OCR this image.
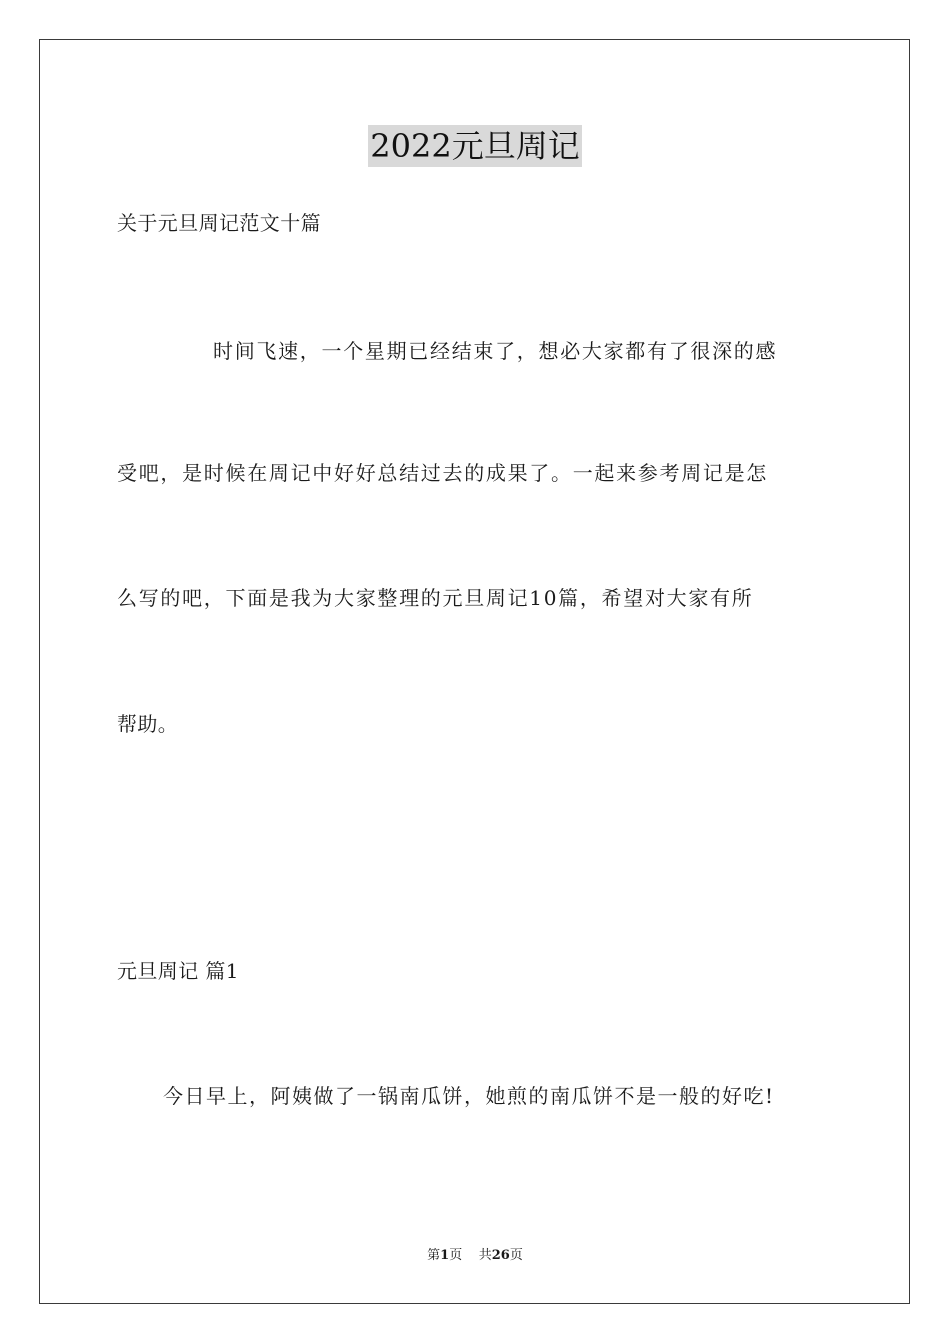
2022元旦周记
关于元旦周记范文十篇
时间飞速，一个星期已经结束了，想必大家都有了很深的感
受吧，是时候在周记中好好总结过去的成果了。一起来参考周记是怎
么写的吧，下面是我为大家整理的元旦周记10篇，希望对大家有所
帮助。
元旦周记 篇1
今日早上，阿姨做了一锅南瓜饼，她煎的南瓜饼不是一般的好吃!
第1页 共26页
